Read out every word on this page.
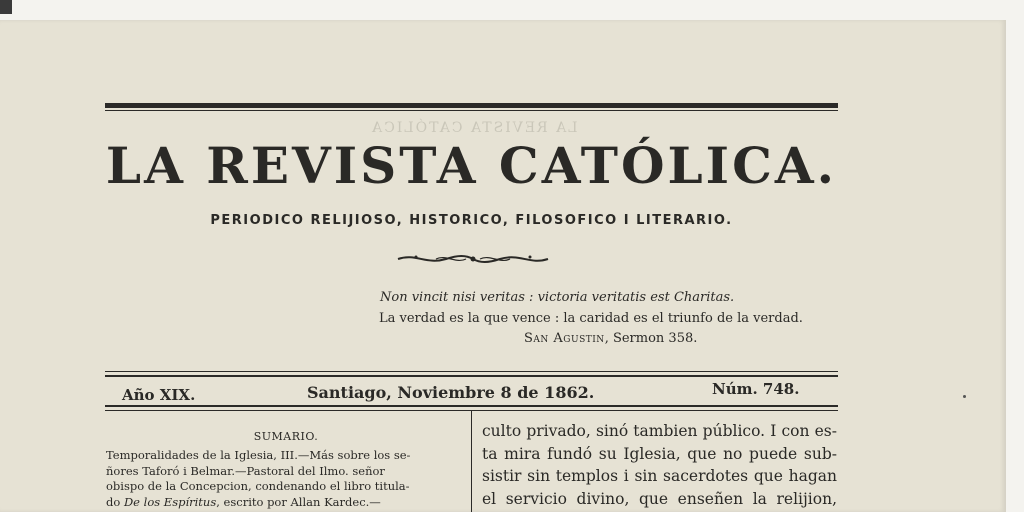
LA REVISTA CATÓLICA
LA REVISTA CATÓLICA.
PERIODICO RELIJIOSO, HISTORICO, FILOSOFICO I LITERARIO.
Non vincit nisi veritas : victoria veritatis est Charitas.
La verdad es la que vence : la caridad es el triunfo de la verdad.
San Agustin, Sermon 358.
Año XIX.	Santiago, Noviembre 8 de 1862.	Núm. 748.
SUMARIO.
Temporalidades de la Iglesia, III.—Más sobre los se-
ñores Taforó i Belmar.—Pastoral del Ilmo. señor
obispo de la Concepcion, condenando el libro titula-
do De los Espíritus, escrito por Allan Kardec.—
culto privado, sinó tambien público. I con es-
ta mira fundó su Iglesia, que no puede sub-
sistir sin templos i sin sacerdotes que hagan
el servicio divino, que enseñen la relijion,
